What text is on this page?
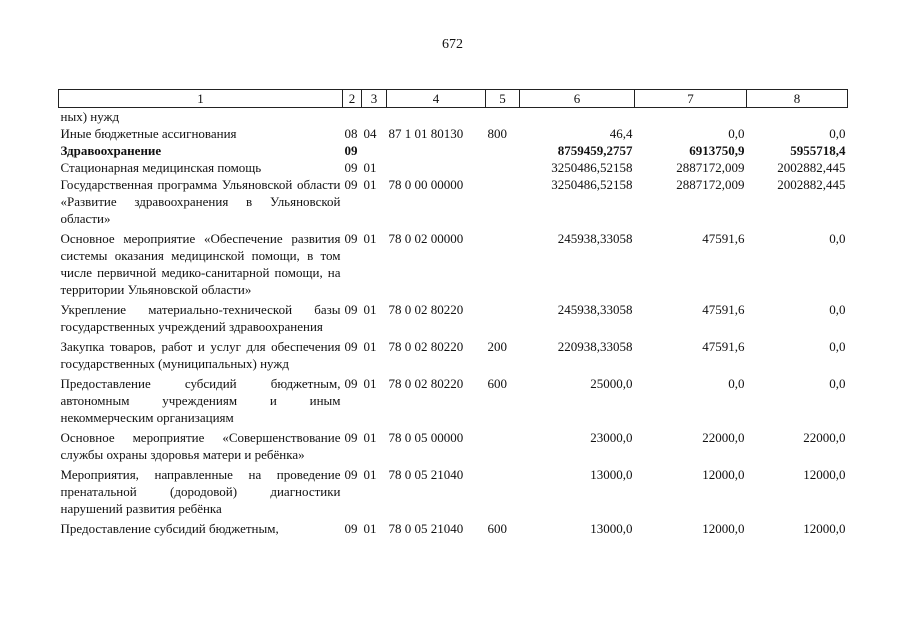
672
1	2	3	4	5	6	7	8
ных) нужд							
Иные бюджетные ассигнования	08	04	87 1 01 80130	800	46,4	0,0	0,0
Здравоохранение	09				8759459,2757	6913750,9	5955718,4
Стационарная медицинская помощь	09	01			3250486,52158	2887172,009	2002882,445
Государственная программа Ульяновской области «Развитие здравоохранения в Ульяновской области»	09	01	78 0 00 00000		3250486,52158	2887172,009	2002882,445
Основное мероприятие «Обеспечение развития системы оказания медицинской помощи, в том числе первичной медико-санитарной помощи, на территории Ульяновской области»	09	01	78 0 02 00000		245938,33058	47591,6	0,0
Укрепление материально-технической базы государственных учреждений здравоохранения	09	01	78 0 02 80220		245938,33058	47591,6	0,0
Закупка товаров, работ и услуг для обеспечения государственных (муниципальных) нужд	09	01	78 0 02 80220	200	220938,33058	47591,6	0,0
Предоставление субсидий бюджетным, автономным учреждениям и иным некоммерческим организациям	09	01	78 0 02 80220	600	25000,0	0,0	0,0
Основное мероприятие «Совершенствование службы охраны здоровья матери и ребёнка»	09	01	78 0 05 00000		23000,0	22000,0	22000,0
Мероприятия, направленные на проведение пренатальной (дородовой) диагностики нарушений развития ребёнка	09	01	78 0 05 21040		13000,0	12000,0	12000,0
Предоставление субсидий бюджетным,	09	01	78 0 05 21040	600	13000,0	12000,0	12000,0
